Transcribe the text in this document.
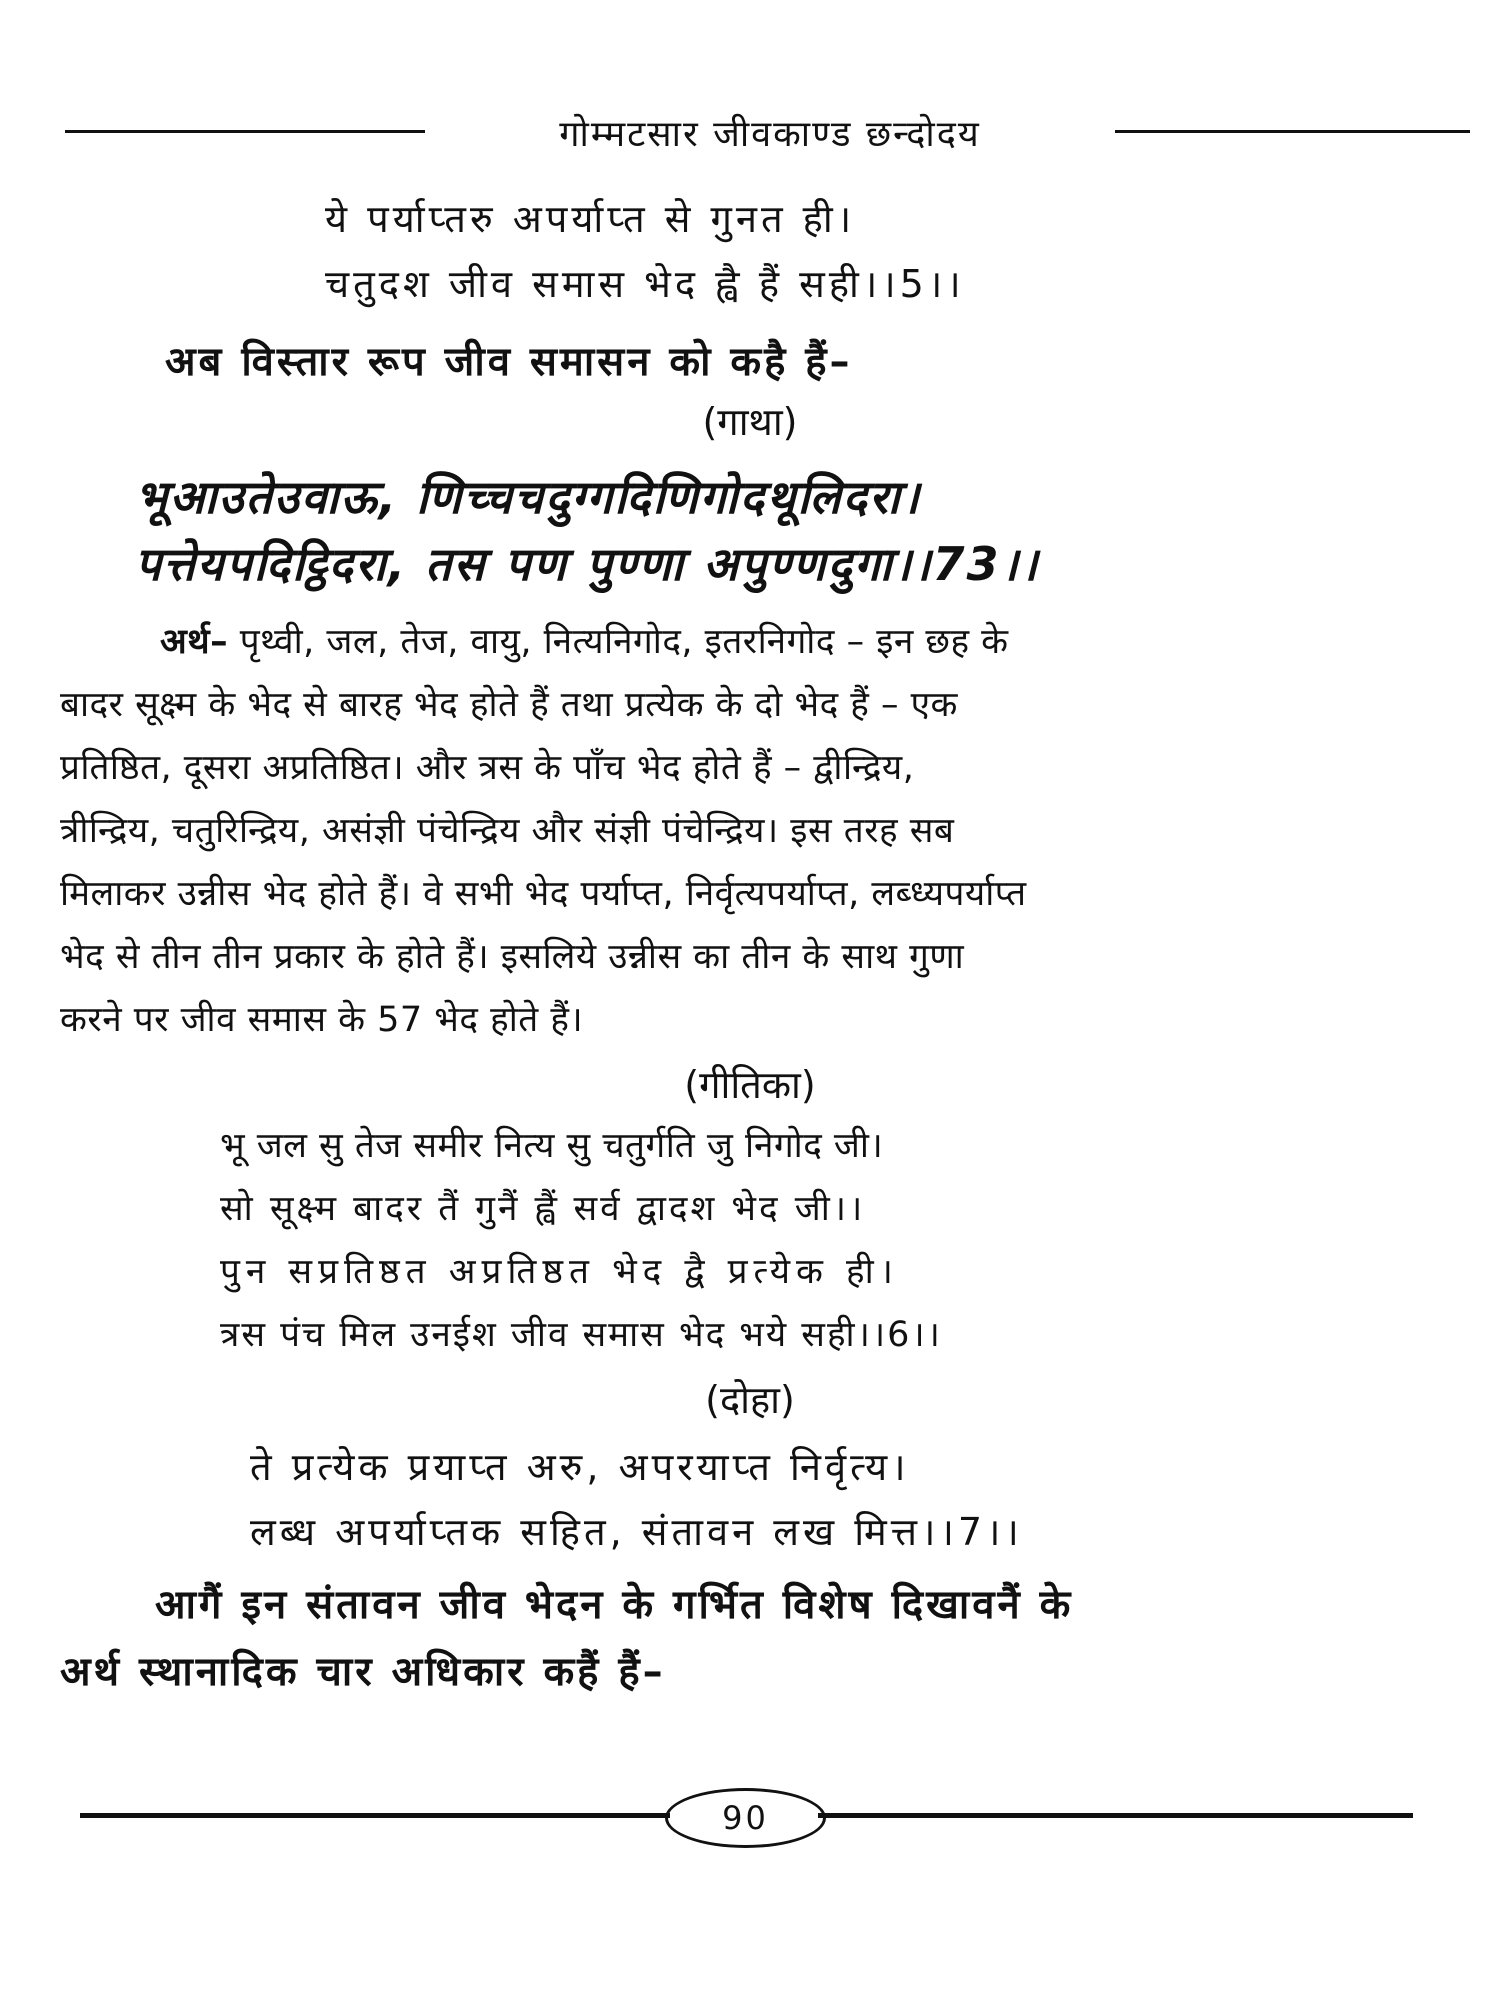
गोम्मटसार जीवकाण्ड छन्दोदय
ये पर्याप्तरु अपर्याप्त से गुनत ही।
चतुदश जीव समास भेद ह्वै हैं सही।।5।।
अब विस्तार रूप जीव समासन को कहै हैं–
(गाथा)
भूआउतेउवाऊ, णिच्चचदुग्गदिणिगोदथूलिदरा।
पत्तेयपदिट्ठिदरा, तस पण पुण्णा अपुण्णदुगा।।73।।
अर्थ– पृथ्वी, जल, तेज, वायु, नित्यनिगोद, इतरनिगोद – इन छह के
बादर सूक्ष्म के भेद से बारह भेद होते हैं तथा प्रत्येक के दो भेद हैं – एक
प्रतिष्ठित, दूसरा अप्रतिष्ठित। और त्रस के पाँच भेद होते हैं – द्वीन्द्रिय,
त्रीन्द्रिय, चतुरिन्द्रिय, असंज्ञी पंचेन्द्रिय और संज्ञी पंचेन्द्रिय। इस तरह सब
मिलाकर उन्नीस भेद होते हैं। वे सभी भेद पर्याप्त, निर्वृत्यपर्याप्त, लब्ध्यपर्याप्त
भेद से तीन तीन प्रकार के होते हैं। इसलिये उन्नीस का तीन के साथ गुणा
करने पर जीव समास के 57 भेद होते हैं।
(गीतिका)
भू जल सु तेज समीर नित्य सु चतुर्गति जु निगोद जी।
सो सूक्ष्म बादर तैं गुनैं ह्वैं सर्व द्वादश भेद जी।।
पुन सप्रतिष्ठत अप्रतिष्ठत भेद द्वै प्रत्येक ही।
त्रस पंच मिल उनईश जीव समास भेद भये सही।।6।।
(दोहा)
ते प्रत्येक प्रयाप्त अरु, अपरयाप्त निर्वृत्य।
लब्ध अपर्याप्तक सहित, संतावन लख मित्त।।7।।
आगैं इन संतावन जीव भेदन के गर्भित विशेष दिखावनैं के
अर्थ स्थानादिक चार अधिकार कहैं हैं–
90
